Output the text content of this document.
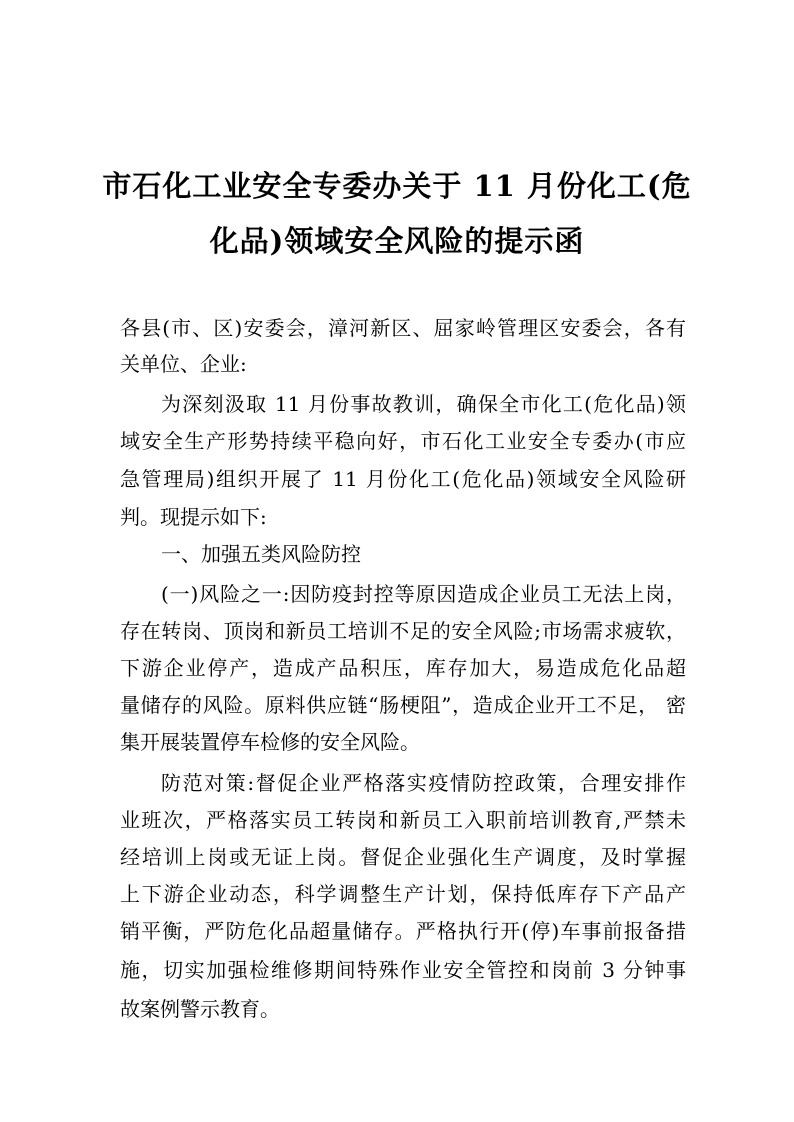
市石化工业安全专委办关于 11 月份化工(危
化品)领域安全风险的提示函
各县(市、区)安委会，漳河新区、屈家岭管理区安委会，各有
关单位、企业:
为深刻汲取 11 月份事故教训，确保全市化工(危化品)领
域安全生产形势持续平稳向好，市石化工业安全专委办(市应
急管理局)组织开展了 11 月份化工(危化品)领域安全风险研
判。现提示如下:
一、加强五类风险防控
(一)风险之一:因防疫封控等原因造成企业员工无法上岗，
存在转岗、顶岗和新员工培训不足的安全风险;市场需求疲软，
下游企业停产，造成产品积压，库存加大，易造成危化品超
量储存的风险。原料供应链“肠梗阻”，造成企业开工不足， 密
集开展装置停车检修的安全风险。
防范对策:督促企业严格落实疫情防控政策，合理安排作
业班次，严格落实员工转岗和新员工入职前培训教育,严禁未
经培训上岗或无证上岗。督促企业强化生产调度，及时掌握
上下游企业动态，科学调整生产计划，保持低库存下产品产
销平衡，严防危化品超量储存。严格执行开(停)车事前报备措
施，切实加强检维修期间特殊作业安全管控和岗前 3 分钟事
故案例警示教育。
